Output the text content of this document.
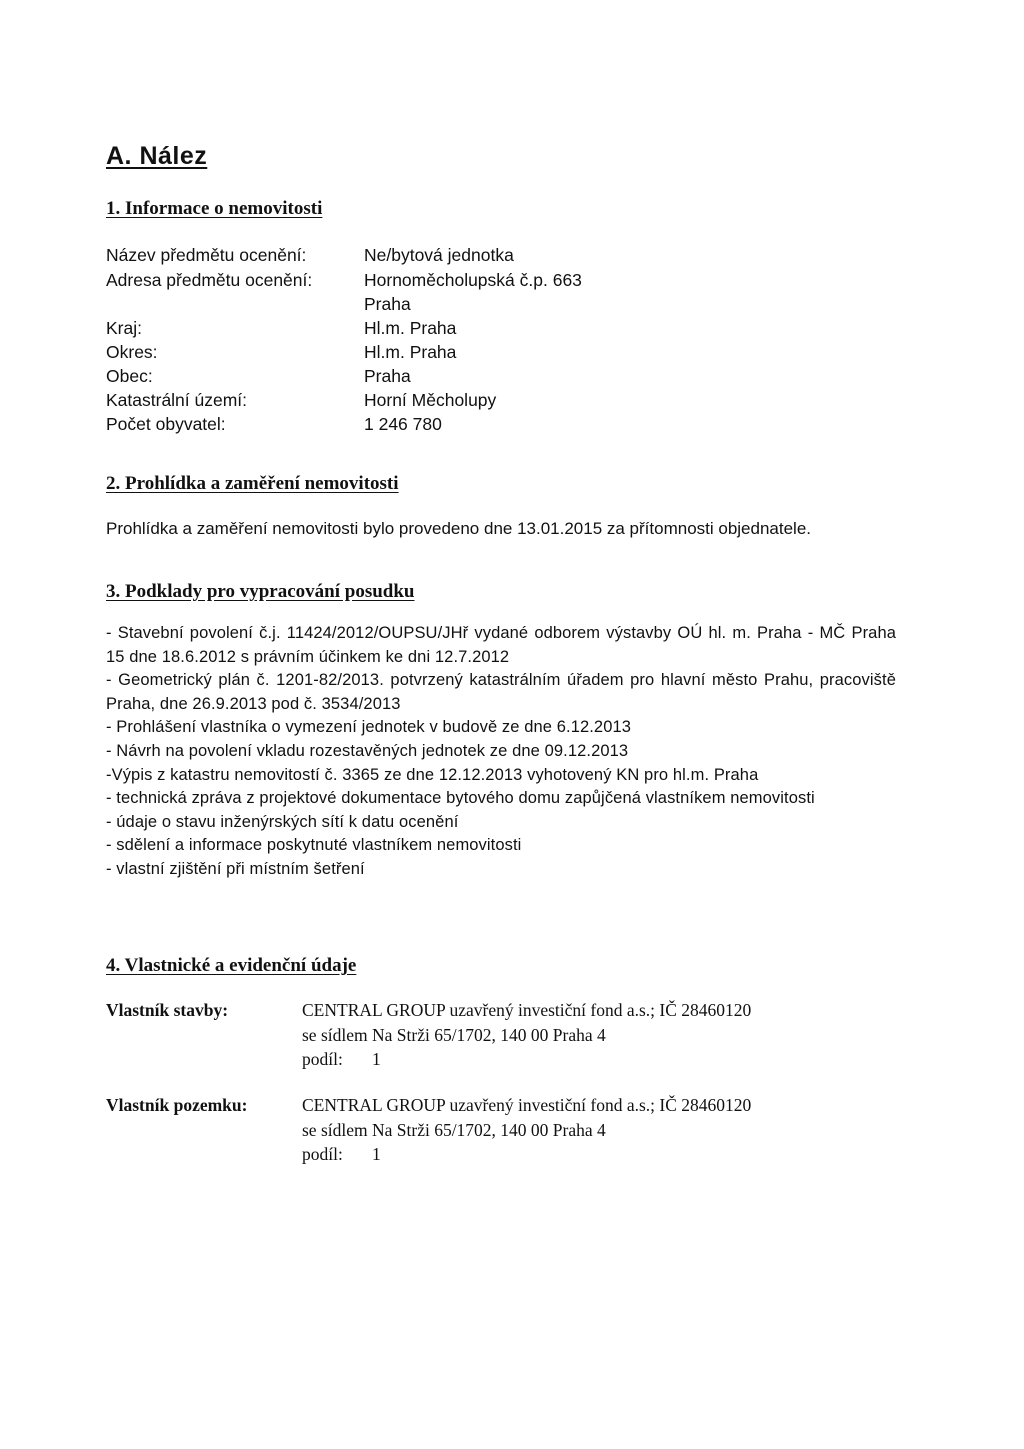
A. Nález
1. Informace o nemovitosti
Název předmětu ocenění:	Ne/bytová jednotka
Adresa předmětu ocenění:	Hornoměcholupská č.p. 663
Praha
Kraj:	Hl.m. Praha
Okres:	Hl.m. Praha
Obec:	Praha
Katastrální území:	Horní Měcholupy
Počet obyvatel:	1 246 780
2. Prohlídka a zaměření nemovitosti
Prohlídka a zaměření nemovitosti bylo provedeno dne 13.01.2015 za přítomnosti objednatele.
3. Podklady pro vypracování posudku
- Stavební povolení č.j. 11424/2012/OUPSU/JHř vydané odborem výstavby OÚ hl. m. Praha - MČ Praha 15 dne 18.6.2012 s právním účinkem ke dni 12.7.2012
- Geometrický plán č. 1201-82/2013. potvrzený katastrálním úřadem pro hlavní město Prahu, pracoviště Praha, dne 26.9.2013 pod č. 3534/2013
- Prohlášení vlastníka o vymezení jednotek v budově ze dne 6.12.2013
- Návrh na povolení vkladu rozestavěných jednotek ze dne 09.12.2013
-Výpis z katastru nemovitostí č. 3365 ze dne 12.12.2013 vyhotovený KN pro hl.m. Praha
- technická zpráva z projektové dokumentace bytového domu zapůjčená vlastníkem nemovitosti
- údaje o stavu inženýrských sítí k datu ocenění
- sdělení a informace poskytnuté vlastníkem nemovitosti
- vlastní zjištění při místním šetření
4. Vlastnické a evidenční údaje
Vlastník stavby:	CENTRAL GROUP uzavřený investiční fond a.s.; IČ 28460120
se sídlem Na Strži 65/1702, 140 00 Praha 4
podíl: 1
Vlastník pozemku:	CENTRAL GROUP uzavřený investiční fond a.s.; IČ 28460120
se sídlem Na Strži 65/1702, 140 00 Praha 4
podíl: 1
